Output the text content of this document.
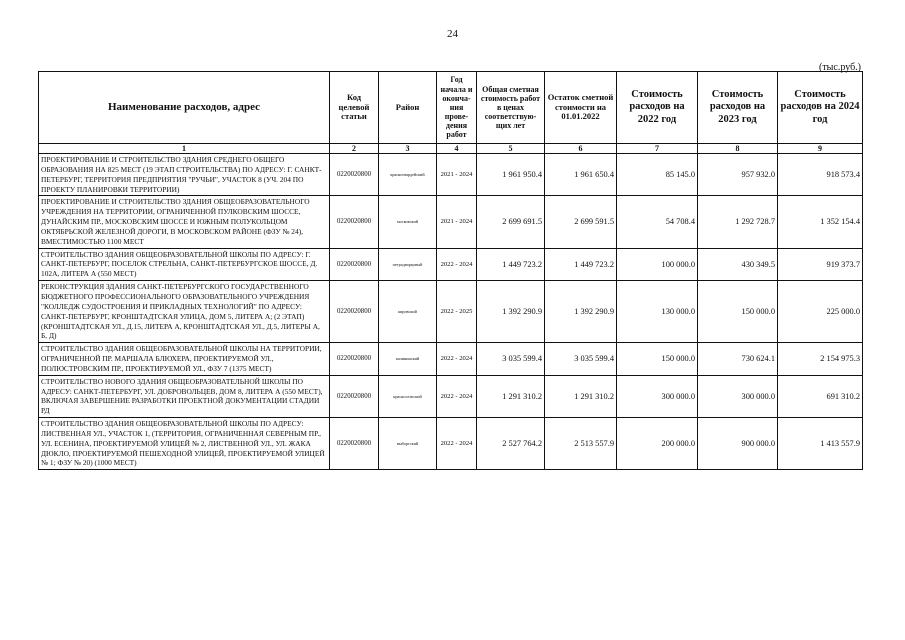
24
(тыс.руб.)
Наименование расходов, адрес	Код целевой статьи	Район	Год начала и оконча-ния прове-дения работ	Общая сметная стоимость работ в ценах соответствую-щих лет	Остаток сметной стоимости на 01.01.2022	Стоимость расходов на 2022 год	Стоимость расходов на 2023 год	Стоимость расходов на 2024 год
1	2	3	4	5	6	7	8	9
ПРОЕКТИРОВАНИЕ И СТРОИТЕЛЬСТВО ЗДАНИЯ СРЕДНЕГО ОБЩЕГО ОБРАЗОВАНИЯ НА 825 МЕСТ (19 ЭТАП СТРОИТЕЛЬСТВА) ПО АДРЕСУ: Г. САНКТ-ПЕТЕРБУРГ, ТЕРРИТОРИЯ ПРЕДПРИЯТИЯ "РУЧЬИ", УЧАСТОК 8 (УЧ. 204 ПО ПРОЕКТУ ПЛАНИРОВКИ ТЕРРИТОРИИ)	0220020800	красногвардейский	2021 - 2024	1 961 950.4	1 961 650.4	85 145.0	957 932.0	918 573.4
ПРОЕКТИРОВАНИЕ И СТРОИТЕЛЬСТВО ЗДАНИЯ ОБЩЕОБРАЗОВАТЕЛЬНОГО УЧРЕЖДЕНИЯ НА ТЕРРИТОРИИ, ОГРАНИЧЕННОЙ ПУЛКОВСКИМ ШОССЕ, ДУНАЙСКИМ ПР., МОСКОВСКИМ ШОССЕ И ЮЖНЫМ ПОЛУКОЛЬЦОМ ОКТЯБРЬСКОЙ ЖЕЛЕЗНОЙ ДОРОГИ, В МОСКОВСКОМ РАЙОНЕ (ФЗУ № 24), ВМЕСТИМОСТЬЮ 1100 МЕСТ	0220020800	московский	2021 - 2024	2 699 691.5	2 699 591.5	54 708.4	1 292 728.7	1 352 154.4
СТРОИТЕЛЬСТВО ЗДАНИЯ ОБЩЕОБРАЗОВАТЕЛЬНОЙ ШКОЛЫ ПО АДРЕСУ: Г. САНКТ-ПЕТЕРБУРГ, ПОСЕЛОК СТРЕЛЬНА, САНКТ-ПЕТЕРБУРГСКОЕ ШОССЕ, Д. 102А, ЛИТЕРА А (550 МЕСТ)	0220020800	петродворцовый	2022 - 2024	1 449 723.2	1 449 723.2	100 000.0	430 349.5	919 373.7
РЕКОНСТРУКЦИЯ ЗДАНИЯ САНКТ-ПЕТЕРБУРГСКОГО ГОСУДАРСТВЕННОГО БЮДЖЕТНОГО ПРОФЕССИОНАЛЬНОГО ОБРАЗОВАТЕЛЬНОГО УЧРЕЖДЕНИЯ "КОЛЛЕДЖ СУДОСТРОЕНИЯ И ПРИКЛАДНЫХ ТЕХНОЛОГИЙ" ПО АДРЕСУ: САНКТ-ПЕТЕРБУРГ, КРОНШТАДТСКАЯ УЛИЦА, ДОМ 5, ЛИТЕРА А; (2 ЭТАП) (КРОНШТАДТСКАЯ УЛ., Д.15, ЛИТЕРА А, КРОНШТАДТСКАЯ УЛ., Д.5, ЛИТЕРЫ А, Б, Д)	0220020800	кировский	2022 - 2025	1 392 290.9	1 392 290.9	130 000.0	150 000.0	225 000.0
СТРОИТЕЛЬСТВО ЗДАНИЯ ОБЩЕОБРАЗОВАТЕЛЬНОЙ ШКОЛЫ НА ТЕРРИТОРИИ, ОГРАНИЧЕННОЙ ПР. МАРШАЛА БЛЮХЕРА, ПРОЕКТИРУЕМОЙ УЛ., ПОЛЮСТРОВСКИМ ПР., ПРОЕКТИРУЕМОЙ УЛ., ФЗУ 7 (1375 МЕСТ)	0220020800	калининский	2022 - 2024	3 035 599.4	3 035 599.4	150 000.0	730 624.1	2 154 975.3
СТРОИТЕЛЬСТВО НОВОГО ЗДАНИЯ ОБЩЕОБРАЗОВАТЕЛЬНОЙ ШКОЛЫ ПО АДРЕСУ: САНКТ-ПЕТЕРБУРГ, УЛ. ДОБРОВОЛЬЦЕВ, ДОМ 8, ЛИТЕРА А (550 МЕСТ), ВКЛЮЧАЯ ЗАВЕРШЕНИЕ РАЗРАБОТКИ ПРОЕКТНОЙ ДОКУМЕНТАЦИИ СТАДИИ РД	0220020800	красносельский	2022 - 2024	1 291 310.2	1 291 310.2	300 000.0	300 000.0	691 310.2
СТРОИТЕЛЬСТВО ЗДАНИЯ ОБЩЕОБРАЗОВАТЕЛЬНОЙ ШКОЛЫ ПО АДРЕСУ: ЛИСТВЕННАЯ УЛ., УЧАСТОК 1, (ТЕРРИТОРИЯ, ОГРАНИЧЕННАЯ СЕВЕРНЫМ ПР., УЛ. ЕСЕНИНА, ПРОЕКТИРУЕМОЙ УЛИЦЕЙ № 2, ЛИСТВЕННОЙ УЛ., УЛ. ЖАКА ДЮКЛО, ПРОЕКТИРУЕМОЙ ПЕШЕХОДНОЙ УЛИЦЕЙ, ПРОЕКТИРУЕМОЙ УЛИЦЕЙ № 1; ФЗУ № 20) (1000 МЕСТ)	0220020800	выборгский	2022 - 2024	2 527 764.2	2 513 557.9	200 000.0	900 000.0	1 413 557.9
